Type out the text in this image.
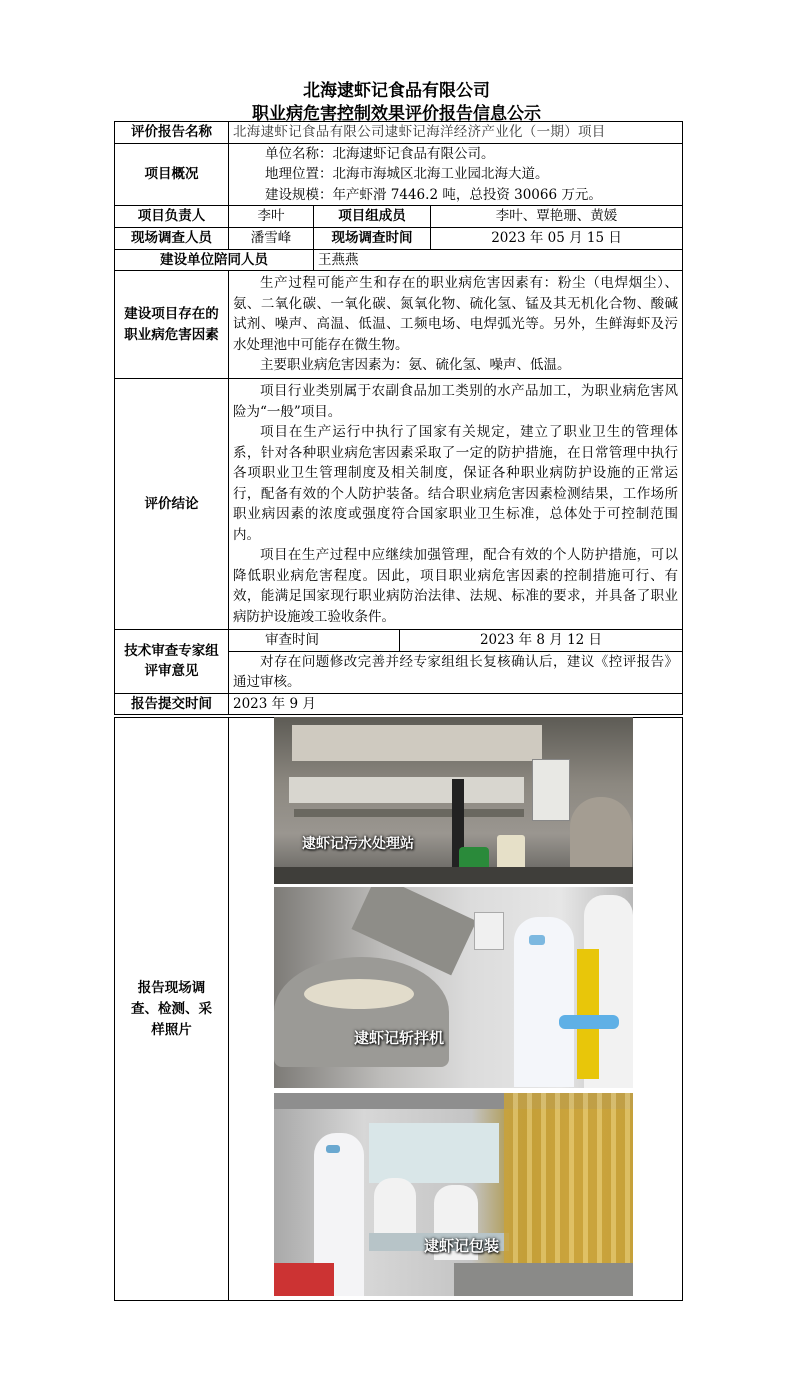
北海逮虾记食品有限公司
职业病危害控制效果评价报告信息公示
评价报告名称	北海逮虾记食品有限公司逮虾记海洋经济产业化（一期）项目			
项目概况	单位名称：北海逮虾记食品有限公司。
地理位置：北海市海城区北海工业园北海大道。
建设规模：年产虾滑 7446.2 吨，总投资 30066 万元。			

项目负责人	李叶	项目组成员		李叶、覃艳珊、黄媛
现场调查人员	潘雪峰	现场调查时间		2023 年 05 月 15 日
建设单位陪同人员		王燕燕		
建设项目存在的职业病危害因素	生产过程可能产生和存在的职业病危害因素有：粉尘（电焊烟尘）、氨、二氧化碳、一氧化碳、氮氧化物、硫化氢、锰及其无机化合物、酸碱试剂、噪声、高温、低温、工频电场、电焊弧光等。另外，生鲜海虾及污水处理池中可能存在微生物。

主要职业病危害因素为：氨、硫化氢、噪声、低温。			

评价结论	项目行业类别属于农副食品加工类别的水产品加工，为职业病危害风险为“一般”项目。

项目在生产运行中执行了国家有关规定，建立了职业卫生的管理体系，针对各种职业病危害因素采取了一定的防护措施，在日常管理中执行各项职业卫生管理制度及相关制度，保证各种职业病防护设施的正常运行，配备有效的个人防护装备。结合职业病危害因素检测结果，工作场所职业病因素的浓度或强度符合国家职业卫生标准，总体处于可控制范围内。

项目在生产过程中应继续加强管理，配合有效的个人防护措施，可以降低职业病危害程度。因此，项目职业病危害因素的控制措施可行、有效，能满足国家现行职业病防治法律、法规、标准的要求，并具备了职业病防护设施竣工验收条件。			

技术审查专家组评审意见	审查时间		2023 年 8 月 12 日	

	对存在问题修改完善并经专家组组长复核确认后，建议《控评报告》通过审核。			

报告提交时间	2023 年 9 月			
报告现场调查、检测、采样照片	
逮虾记污水处理站
逮虾记斩拌机
逮虾记包装
